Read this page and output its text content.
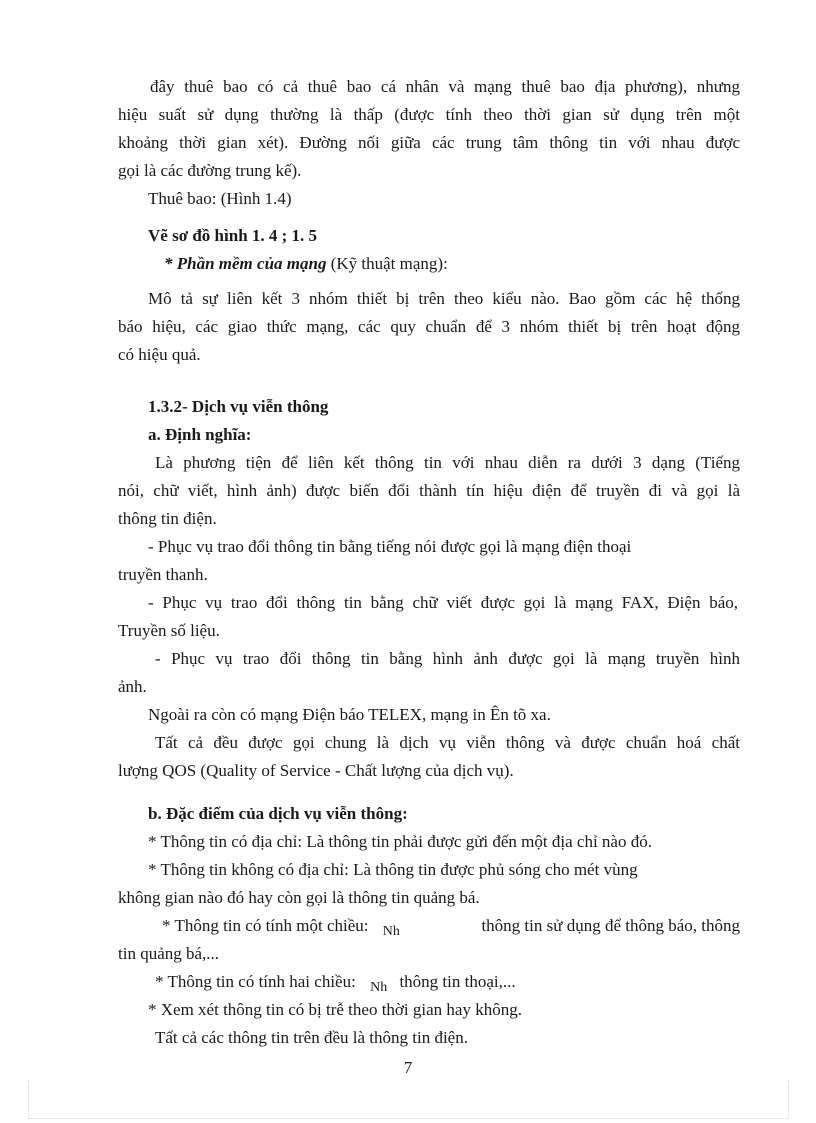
đây thuê bao có cả thuê bao cá nhân và mạng thuê bao địa phương), nhưng
hiệu suất sử dụng thường là thấp (được tính theo thời gian sử dụng trên một
khoảng thời gian xét). Đường nối giữa các trung tâm thông tin với nhau được
gọi là các đường trung kế).
Thuê bao: (Hình 1.4)
Vẽ sơ đồ hình 1. 4 ; 1. 5
* Phần mềm của mạng (Kỹ thuật mạng):
Mô tả sự liên kết 3 nhóm thiết bị trên theo kiểu nào. Bao gồm các hệ thống
báo hiệu, các giao thức mạng, các quy chuẩn để 3 nhóm thiết bị trên hoạt động
có hiệu quả.
1.3.2- Dịch vụ viễn thông
a. Định nghĩa:
Là phương tiện để liên kết thông tin với nhau diễn ra dưới 3 dạng (Tiếng
nói, chữ viết, hình ảnh) được biến đổi thành tín hiệu điện để truyền đi và gọi là
thông tin điện.
- Phục vụ trao đổi thông tin bằng tiếng nói được gọi là mạng điện thoại
truyền thanh.
- Phục vụ trao đổi thông tin bằng chữ viết được gọi là mạng FAX, Điện báo,
Truyền số liệu.
- Phục vụ trao đổi thông tin bằng hình ảnh được gọi là mạng truyền hình
ảnh.
Ngoài ra còn có mạng Điện báo TELEX, mạng in Ên tõ xa.
Tất cả đều được gọi chung là dịch vụ viễn thông và được chuẩn hoá chất
lượng QOS (Quality of Service - Chất lượng của dịch vụ).
b. Đặc điểm của dịch vụ viễn thông:
* Thông tin có địa chỉ: Là thông tin phải được gửi đến một địa chỉ nào đó.
* Thông tin không có địa chỉ: Là thông tin được phủ sóng cho mét vùng
không gian nào đó hay còn gọi là thông tin quảng bá.
* Thông tin có tính một chiều: $_{Nh}$	thông tin sử dụng để thông báo, thông
tin quảng bá,...
* Thông tin có tính hai chiều: $_{Nh}$ thông tin thoại,...
* Xem xét thông tin có bị trễ theo thời gian hay không.
Tất cả các thông tin trên đều là thông tin điện.
7
